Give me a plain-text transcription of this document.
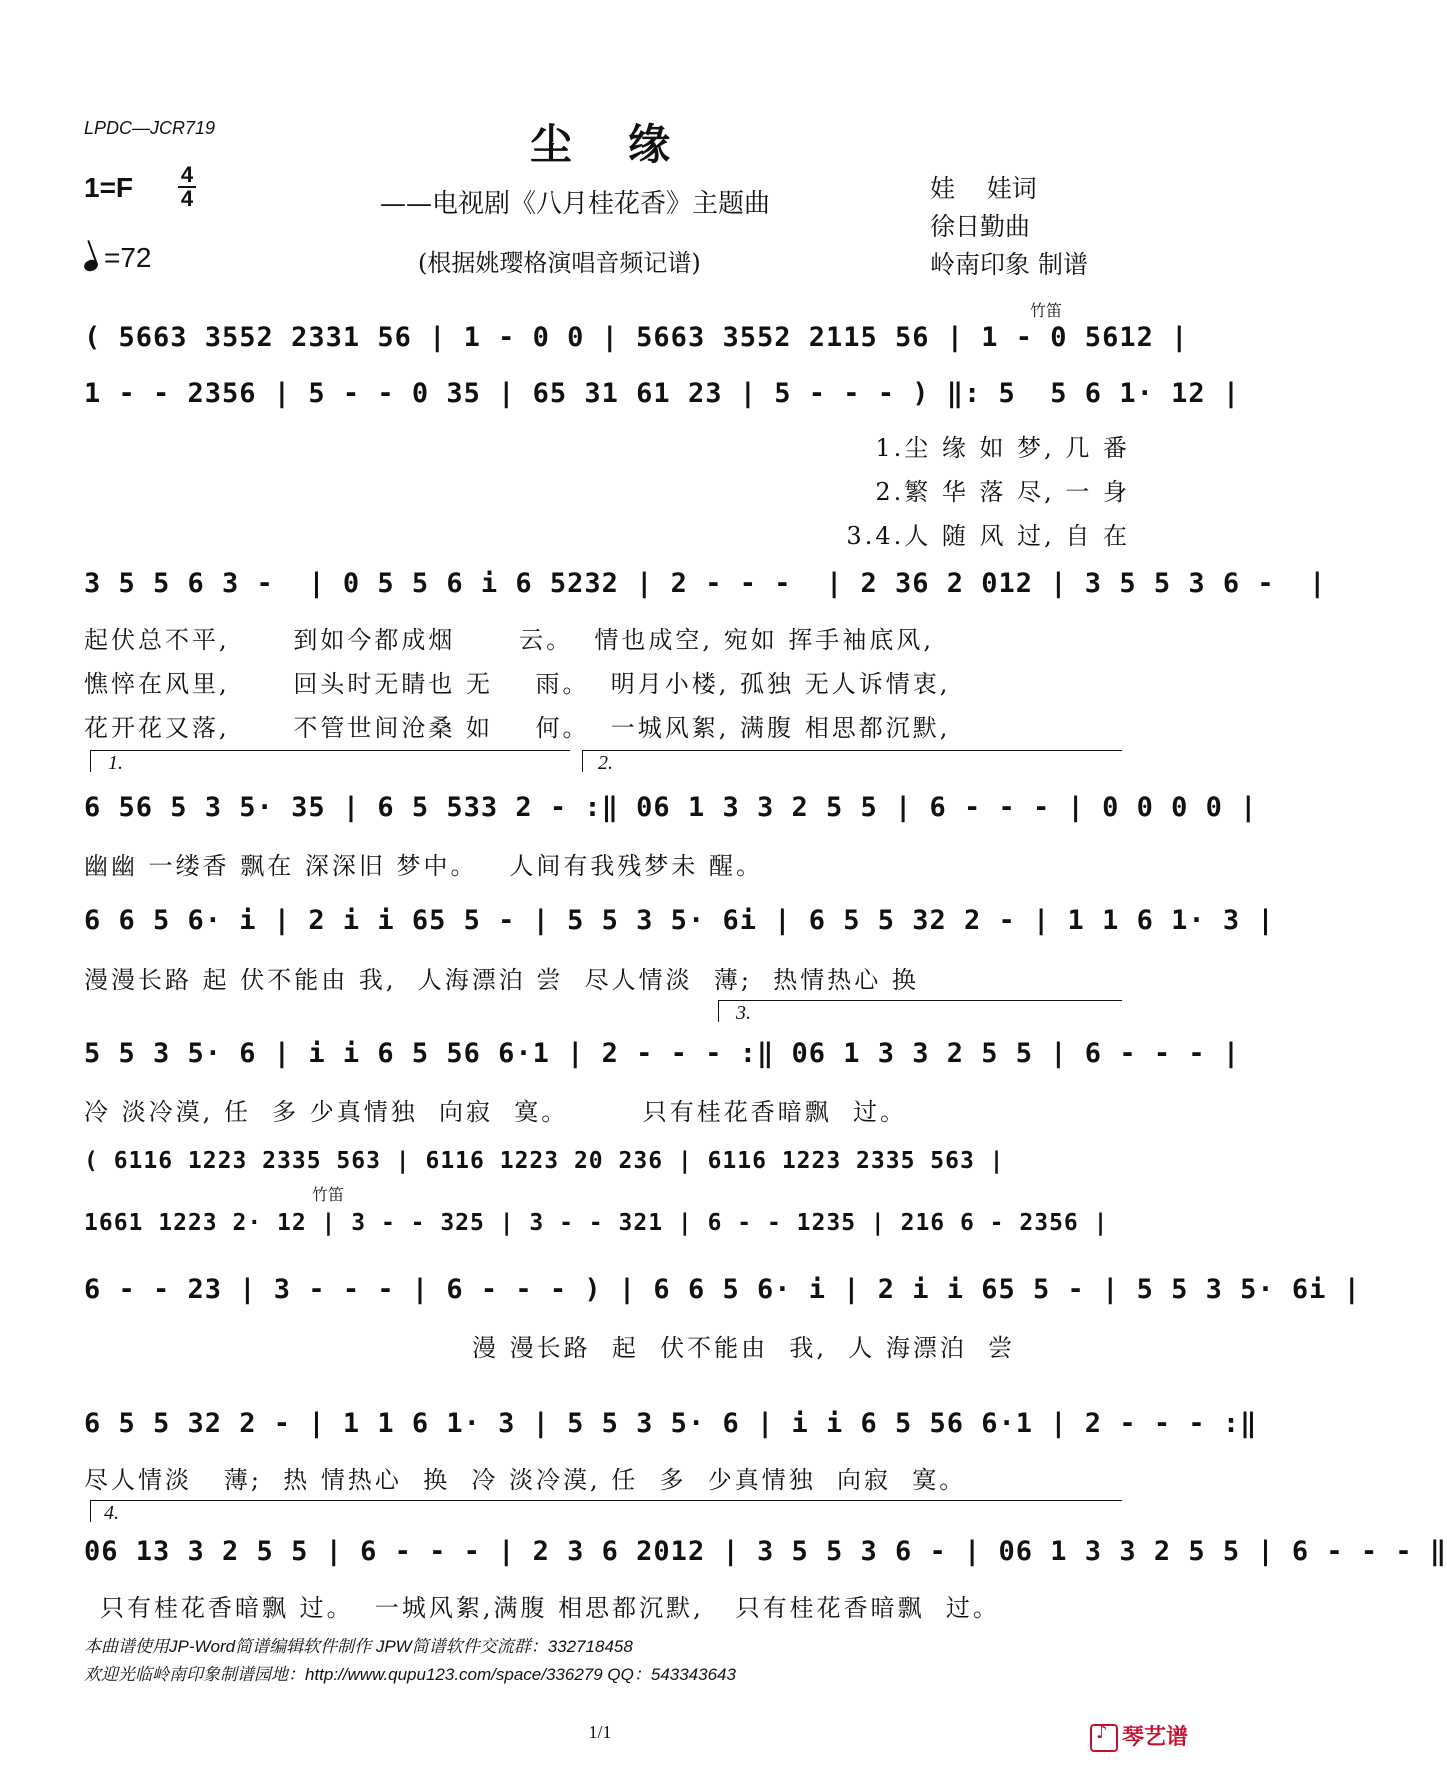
LPDC—JCR719	尘缘
——电视剧《八月桂花香》主题曲
(根据姚璎格演唱音频记谱)
娃    娃词
徐日勤曲
岭南印象 制谱
1=F 4
4
=72
竹笛
( 5663 3552 2331 56 | 1 - 0 0 | 5663 3552 2115 56 | 1 - 0 5612 |
1 - - 2356 | 5 - - 0 35 | 65 31 61 23 | 5 - - - ) ‖: 5  5 6 1· 12 |
1.尘 缘 如 梦, 几 番
2.繁 华 落 尽, 一 身
3.4.人 随 风 过, 自 在
3 5 5 6 3 -  | 0 5 5 6 i 6 5232 | 2 - - -  | 2 36 2 012 | 3 5 5 3 6 -  |
起伏总不平,      到如今都成烟      云。  情也成空, 宛如 挥手袖底风,
憔悴在风里,      回头时无睛也 无    雨。  明月小楼, 孤独 无人诉情衷,
花开花又落,      不管世间沧桑 如    何。  一城风絮, 满腹 相思都沉默,
1.	2.
6 56 5 3 5· 35 | 6 5 533 2 - :‖ 06 1 3 3 2 5 5 | 6 - - - | 0 0 0 0 |
幽幽 一缕香 飘在 深深旧 梦中。   人间有我残梦未 醒。
6 6 5 6· i | 2 i i 65 5 - | 5 5 3 5· 6i | 6 5 5 32 2 - | 1 1 6 1· 3 |
漫漫长路 起 伏不能由 我,  人海漂泊 尝  尽人情淡  薄;  热情热心 换
3.
5 5 3 5· 6 | i i 6 5 56 6·1 | 2 - - - :‖ 06 1 3 3 2 5 5 | 6 - - - |
冷 淡冷漠, 任  多 少真情独  向寂  寞。       只有桂花香暗飘  过。
( 6116 1223 2335 563 | 6116 1223 20 236 | 6116 1223 2335 563 |
竹笛
1661 1223 2· 12 | 3 - - 325 | 3 - - 321 | 6 - - 1235 | 216 6 - 2356 |
6 - - 23 | 3 - - - | 6 - - - ) | 6 6 5 6· i | 2 i i 65 5 - | 5 5 3 5· 6i |
漫 漫长路  起  伏不能由  我,  人 海漂泊  尝
6 5 5 32 2 - | 1 1 6 1· 3 | 5 5 3 5· 6 | i i 6 5 56 6·1 | 2 - - - :‖
尽人情淡   薄;  热 情热心  换  冷 淡冷漠, 任  多  少真情独  向寂  寞。
4.
06 13 3 2 5 5 | 6 - - - | 2 3 6 2012 | 3 5 5 3 6 - | 06 1 3 3 2 5 5 | 6 - - - ‖
只有桂花香暗飘 过。  一城风絮,满腹 相思都沉默,   只有桂花香暗飘  过。
本曲谱使用JP-Word简谱编辑软件制作 JPW简谱软件交流群：332718458
欢迎光临岭南印象制谱园地：http://www.qupu123.com/space/336279 QQ：543343643
1/1
♪	琴艺谱
